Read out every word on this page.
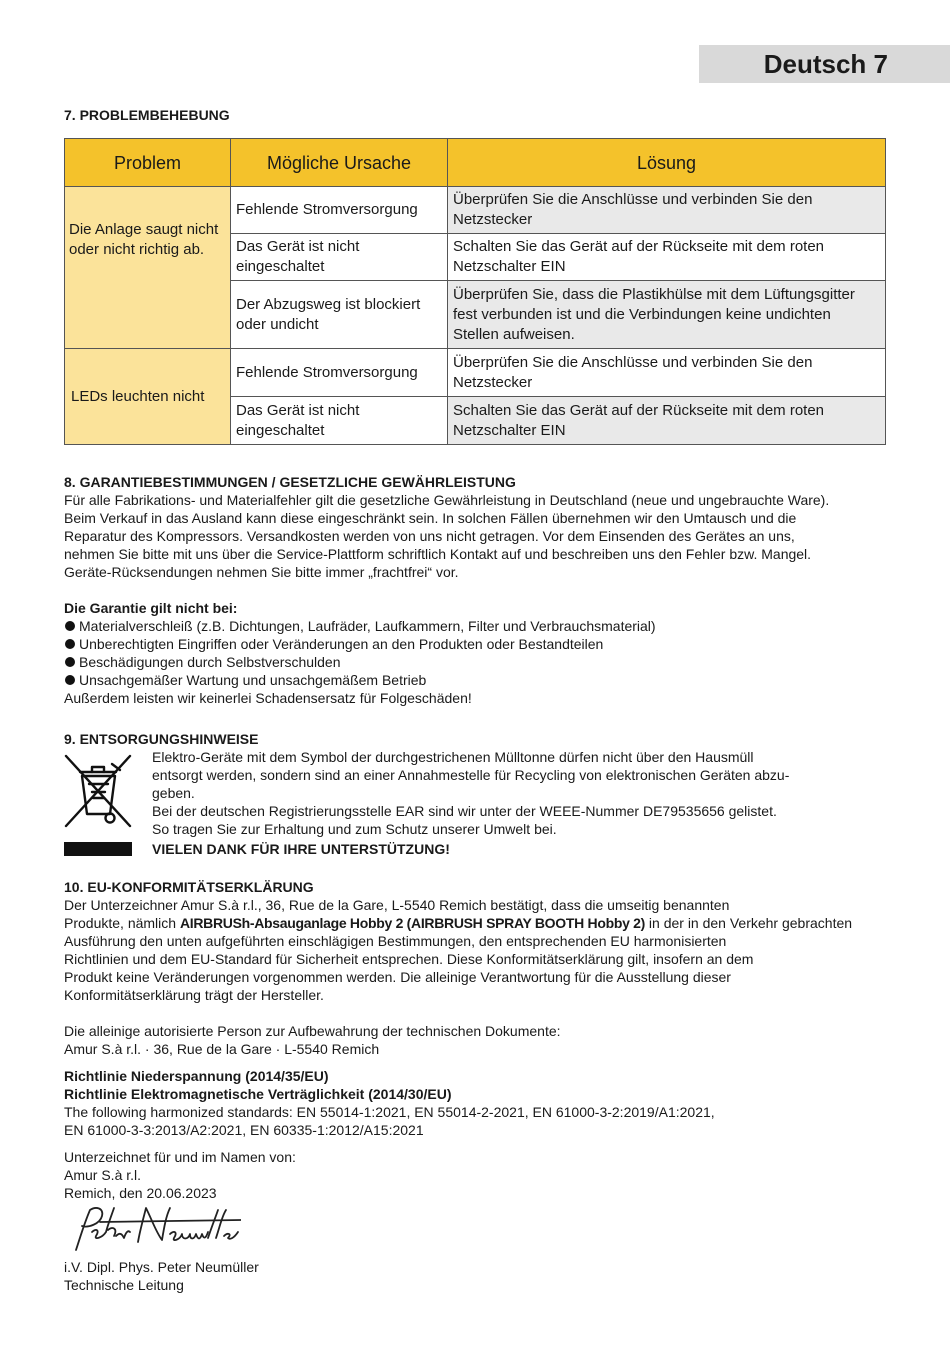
Deutsch 7
7. PROBLEMBEHEBUNG
Problem	Mögliche Ursache	Lösung
Die Anlage saugt nicht oder nicht richtig ab.	Fehlende Stromversorgung	Überprüfen Sie die Anschlüsse und verbinden Sie den Netzstecker
	Das Gerät ist nicht eingeschaltet	Schalten Sie das Gerät auf der Rückseite mit dem roten Netzschalter EIN
	Der Abzugsweg ist blockiert oder undicht	Überprüfen Sie, dass die Plastikhülse mit dem Lüftungsgitter fest verbunden ist und die Verbindungen keine undichten Stellen aufweisen.
LEDs leuchten nicht	Fehlende Stromversorgung	Überprüfen Sie die Anschlüsse und verbinden Sie den Netzstecker
	Das Gerät ist nicht eingeschaltet	Schalten Sie das Gerät auf der Rückseite mit dem roten Netzschalter EIN
8. GARANTIEBESTIMMUNGEN / GESETZLICHE GEWÄHRLEISTUNG
Für alle Fabrikations- und Materialfehler gilt die gesetzliche Gewährleistung in Deutschland (neue und ungebrauchte Ware).
Beim Verkauf in das Ausland kann diese eingeschränkt sein. In solchen Fällen übernehmen wir den Umtausch und die
Reparatur des Kompressors. Versandkosten werden von uns nicht getragen. Vor dem Einsenden des Gerätes an uns,
nehmen Sie bitte mit uns über die Service-Plattform schriftlich Kontakt auf und beschreiben uns den Fehler bzw. Mangel.
Geräte-Rücksendungen nehmen Sie bitte immer „frachtfrei“ vor.
Die Garantie gilt nicht bei:
Materialverschleiß (z.B. Dichtungen, Laufräder, Laufkammern, Filter und Verbrauchsmaterial)
Unberechtigten Eingriffen oder Veränderungen an den Produkten oder Bestandteilen
Beschädigungen durch Selbstverschulden
Unsachgemäßer Wartung und unsachgemäßem Betrieb
Außerdem leisten wir keinerlei Schadensersatz für Folgeschäden!
9. ENTSORGUNGSHINWEISE
Elektro-Geräte mit dem Symbol der durchgestrichenen Mülltonne dürfen nicht über den Hausmüll
entsorgt werden, sondern sind an einer Annahmestelle für Recycling von elektronischen Geräten abzu-
geben.
Bei der deutschen Registrierungsstelle EAR sind wir unter der WEEE-Nummer DE79535656 gelistet.
So tragen Sie zur Erhaltung und zum Schutz unserer Umwelt bei.
VIELEN DANK FÜR IHRE UNTERSTÜTZUNG!
10. EU-KONFORMITÄTSERKLÄRUNG
Der Unterzeichner Amur S.à r.l., 36, Rue de la Gare, L-5540 Remich bestätigt, dass die umseitig benannten
Produkte, nämlich AIRBRUSh-Absauganlage Hobby 2 (AIRBRUSH SPRAY BOOTH Hobby 2) in der in den Verkehr gebrachten
Ausführung den unten aufgeführten einschlägigen Bestimmungen, den entsprechenden EU harmonisierten
Richtlinien und dem EU-Standard für Sicherheit entsprechen. Diese Konformitätserklärung gilt, insofern an dem
Produkt keine Veränderungen vorgenommen werden. Die alleinige Verantwortung für die Ausstellung dieser
Konformitätserklärung trägt der Hersteller.
Die alleinige autorisierte Person zur Aufbewahrung der technischen Dokumente:
Amur S.à r.l. · 36, Rue de la Gare · L-5540 Remich
Richtlinie Niederspannung (2014/35/EU)
Richtlinie Elektromagnetische Verträglichkeit (2014/30/EU)
The following harmonized standards: EN 55014-1:2021, EN 55014-2-2021, EN 61000-3-2:2019/A1:2021,
EN 61000-3-3:2013/A2:2021, EN 60335-1:2012/A15:2021
Unterzeichnet für und im Namen von:
Amur S.à r.l.
Remich, den 20.06.2023
i.V. Dipl. Phys. Peter Neumüller
Technische Leitung
